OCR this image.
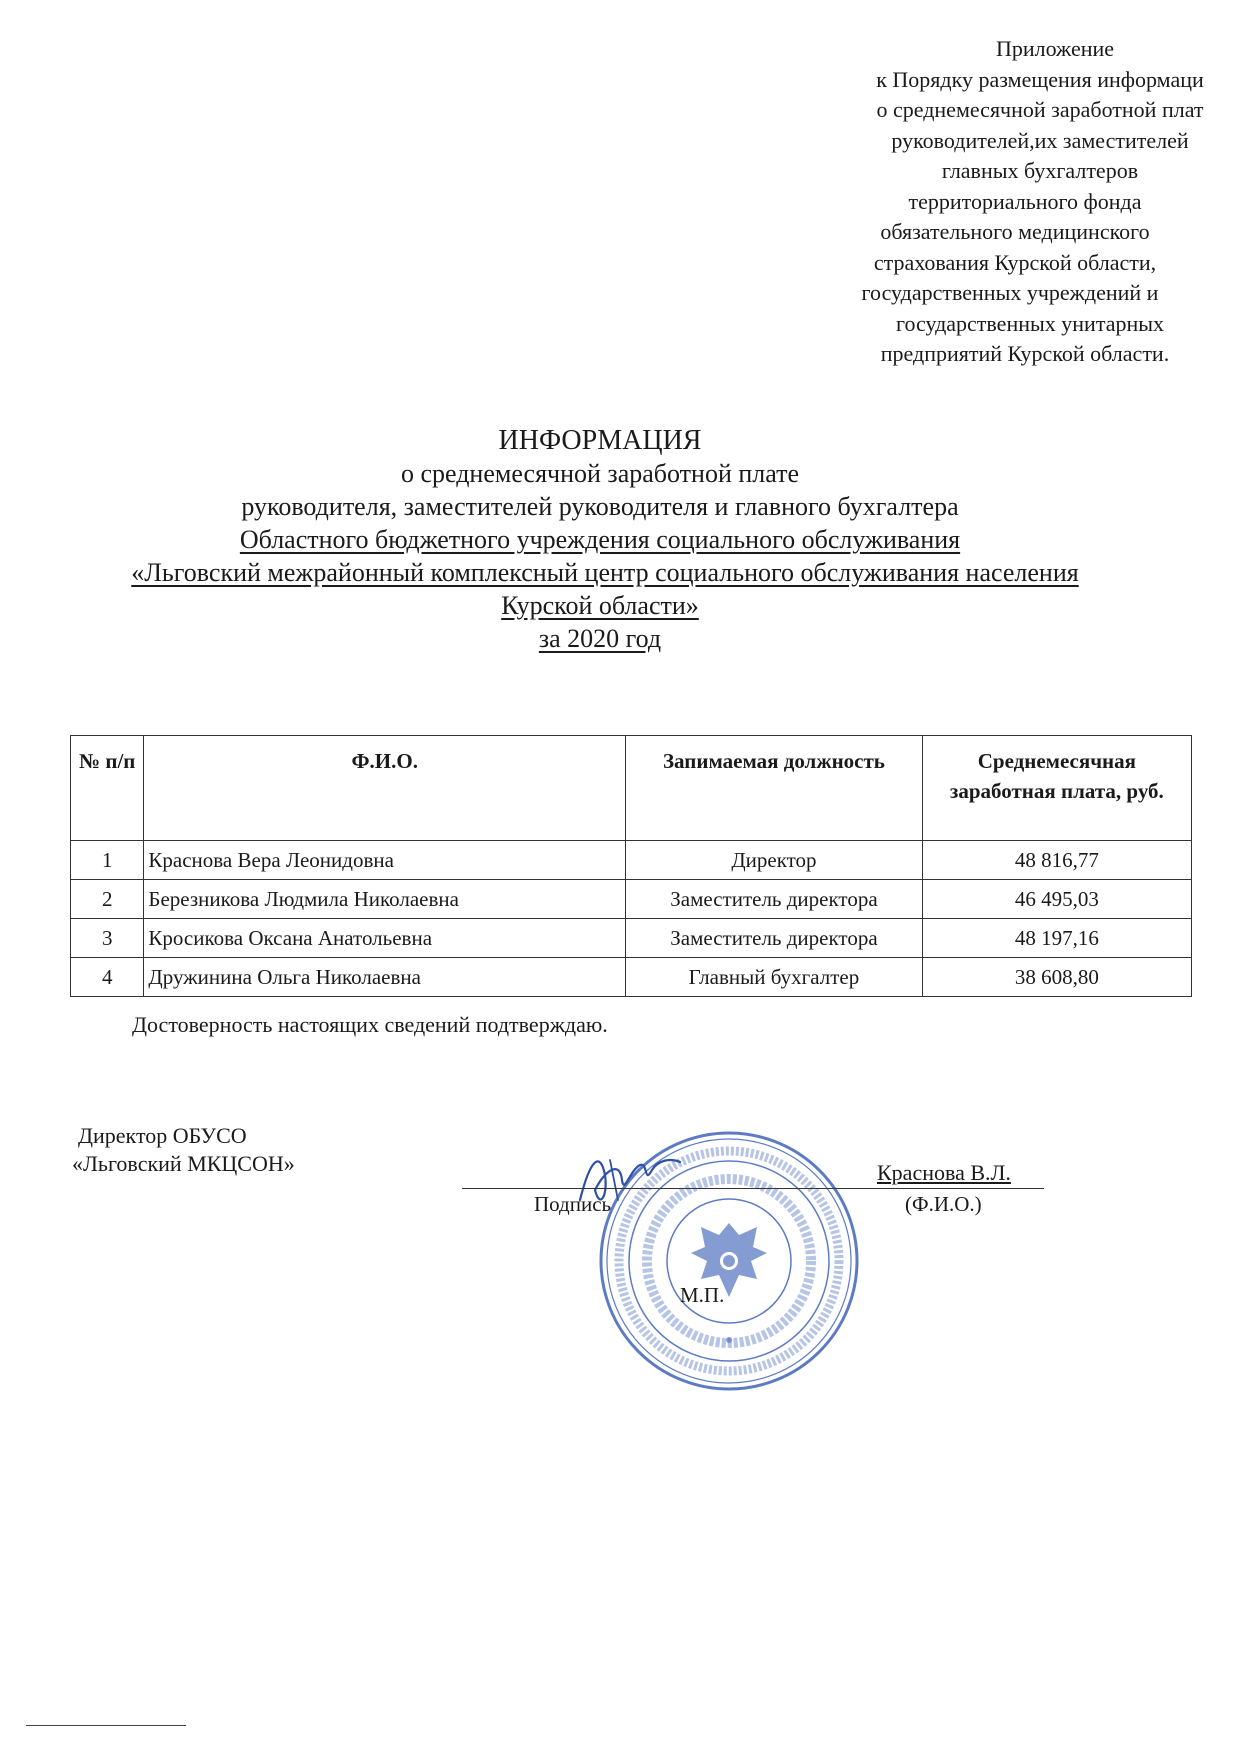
Приложение
к Порядку размещения информаци
о среднемесячной заработной плат
руководителей,их заместителей
главных бухгалтеров
территориального фонда
обязательного медицинского
страхования Курской области,
государственных учреждений и
государственных унитарных
предприятий Курской области.
ИНФОРМАЦИЯ
о среднемесячной заработной плате
руководителя, заместителей руководителя и главного бухгалтера
Областного бюджетного учреждения социального обслуживания
«Льговский межрайонный комплексный центр социального обслуживания населения
Курской области»
за 2020 год
№ п/п	Ф.И.О.	Запимаемая должность	Среднемесячная заработная плата, руб.
1	Краснова Вера Леонидовна	Директор	48 816,77
2	Березникова Людмила Николаевна	Заместитель директора	46 495,03
3	Кросикова Оксана Анатольевна	Заместитель директора	48 197,16
4	Дружинина Ольга Николаевна	Главный бухгалтер	38 608,80
Достоверность настоящих сведений подтверждаю.
Директор ОБУСО
«Льговский МКЦСОН»
Подпись
Краснова В.Л.
(Ф.И.О.)
М.П.
